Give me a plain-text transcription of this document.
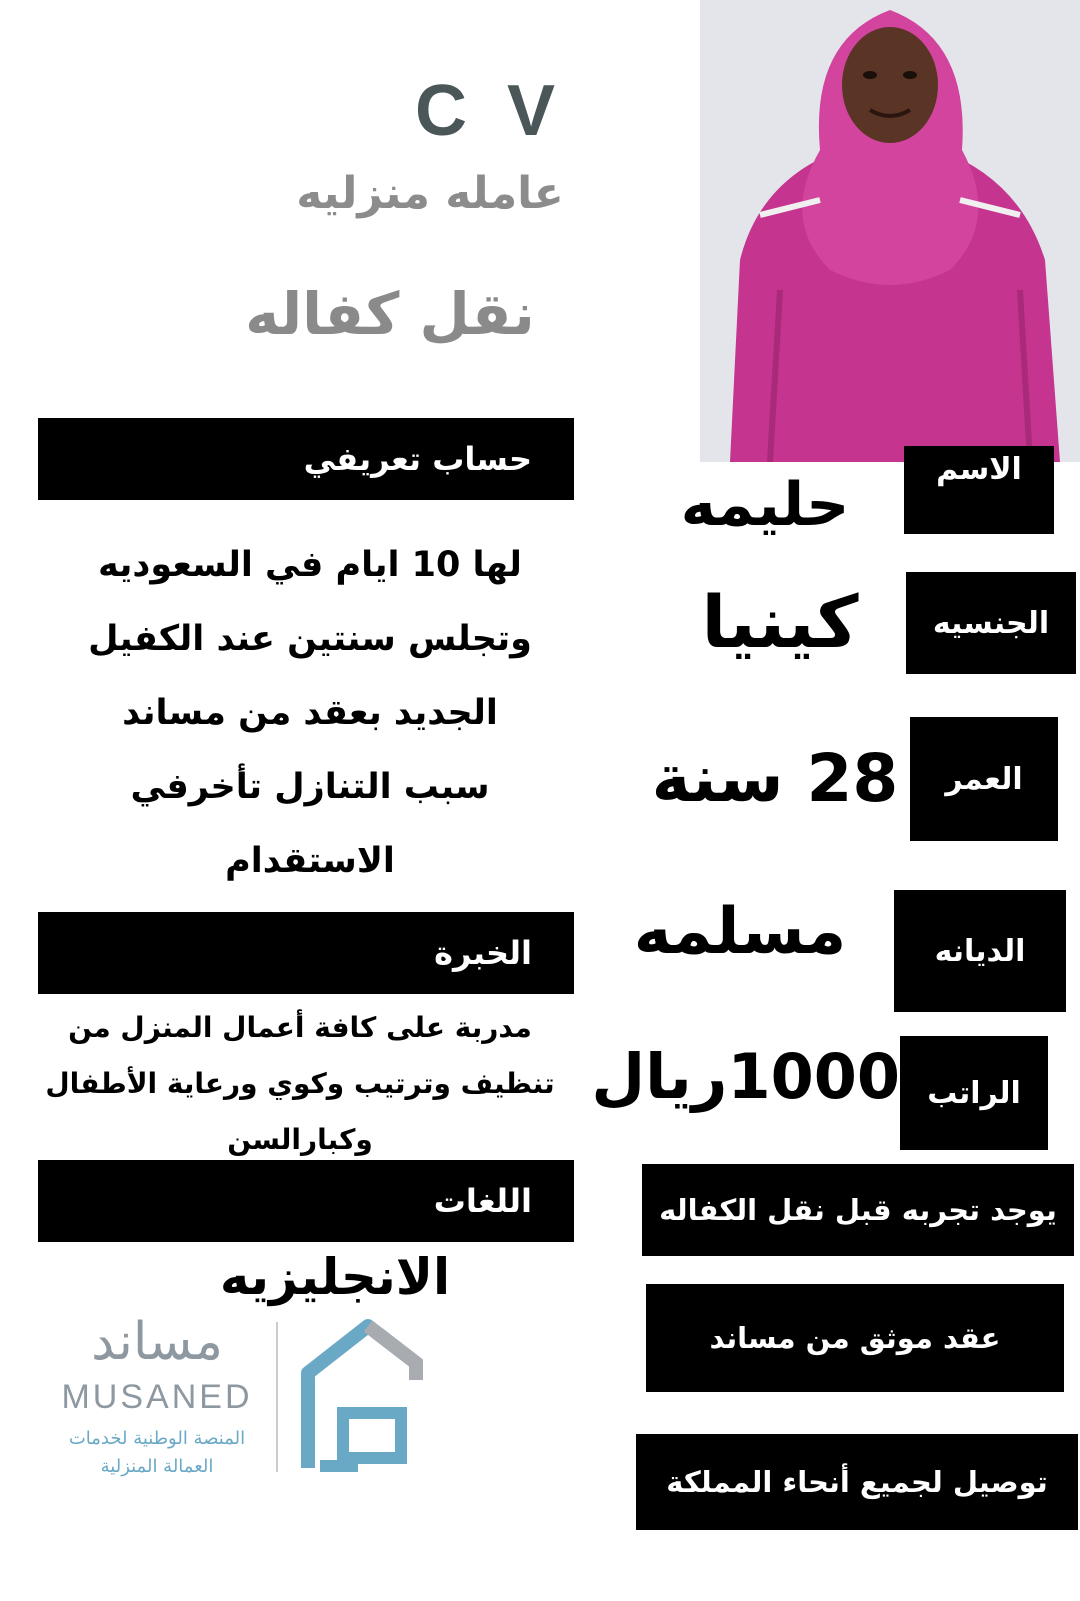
C V
عامله منزليه
نقل كفاله
حساب تعريفي
لها 10 ايام في السعوديه
وتجلس سنتين عند الكفيل
الجديد بعقد من مساند
سبب التنازل تأخرفي
الاستقدام
الخبرة
مدربة على كافة أعمال المنزل من
تنظيف وترتيب وكوي ورعاية الأطفال
وكبارالسن
اللغات
الانجليزيه
الاسم
حليمه
الجنسيه
كينيا
العمر
28 سنة
الديانه
مسلمه
الراتب
1000ريال
يوجد تجربه قبل نقل الكفاله
عقد موثق من مساند
توصيل لجميع أنحاء المملكة
مساند
MUSANED
المنصة الوطنية لخدمات
العمالة المنزلية
